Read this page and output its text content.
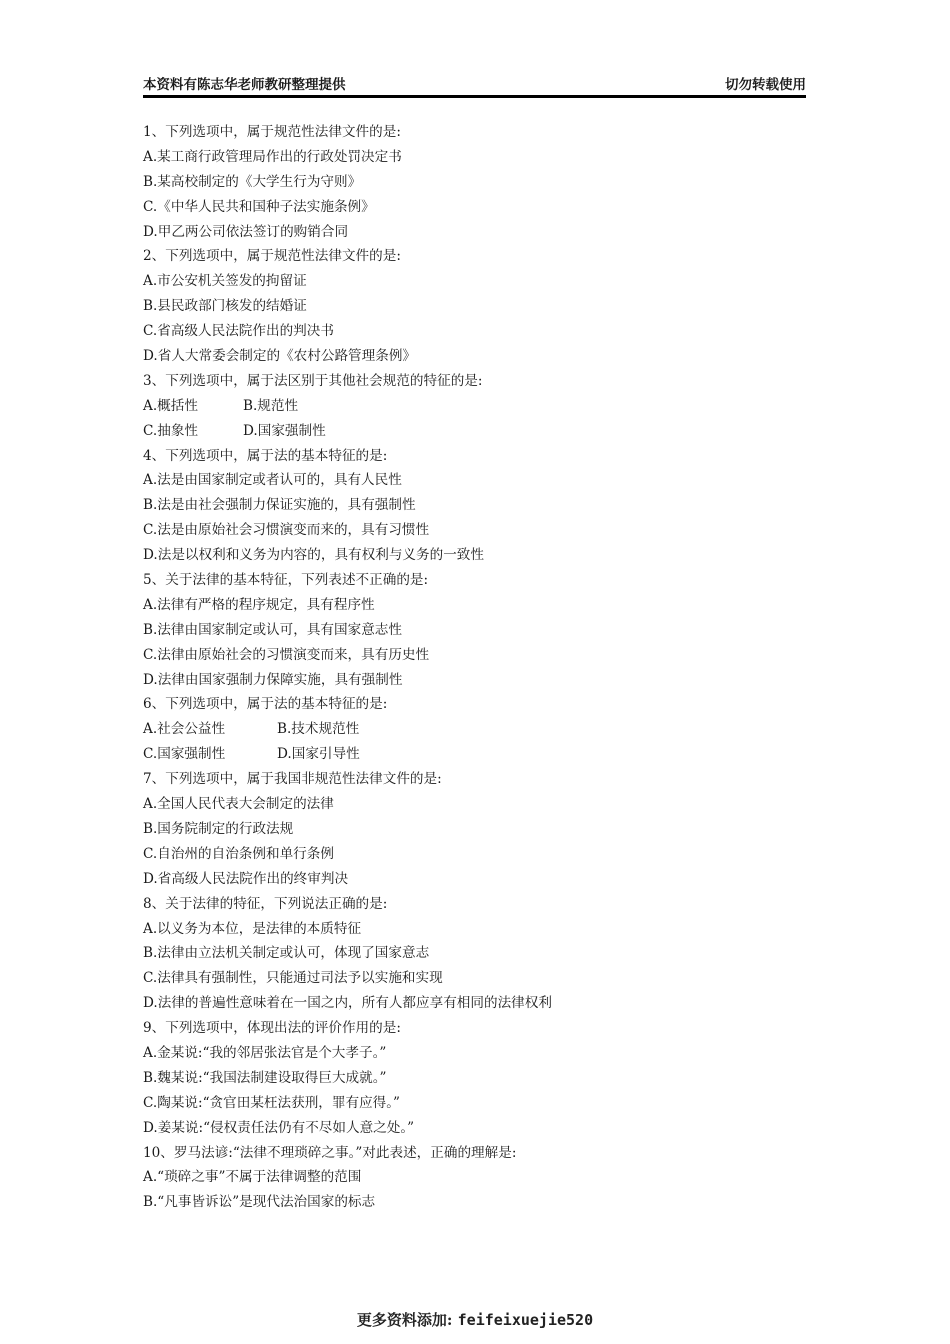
本资料有陈志华老师教研整理提供	切勿转载使用
1、下列选项中，属于规范性法律文件的是:
A.某工商行政管理局作出的行政处罚决定书
B.某高校制定的《大学生行为守则》
C.《中华人民共和国种子法实施条例》
D.甲乙两公司依法签订的购销合同
2、下列选项中，属于规范性法律文件的是:
A.市公安机关签发的拘留证
B.县民政部门核发的结婚证
C.省高级人民法院作出的判决书
D.省人大常委会制定的《农村公路管理条例》
3、下列选项中，属于法区别于其他社会规范的特征的是:
A.概括性	B.规范性
C.抽象性	D.国家强制性
4、下列选项中，属于法的基本特征的是:
A.法是由国家制定或者认可的，具有人民性
B.法是由社会强制力保证实施的，具有强制性
C.法是由原始社会习惯演变而来的，具有习惯性
D.法是以权利和义务为内容的，具有权利与义务的一致性
5、关于法律的基本特征，下列表述不正确的是:
A.法律有严格的程序规定，具有程序性
B.法律由国家制定或认可，具有国家意志性
C.法律由原始社会的习惯演变而来，具有历史性
D.法律由国家强制力保障实施，具有强制性
6、下列选项中，属于法的基本特征的是:
A.社会公益性	B.技术规范性
C.国家强制性	D.国家引导性
7、下列选项中，属于我国非规范性法律文件的是:
A.全国人民代表大会制定的法律
B.国务院制定的行政法规
C.自治州的自治条例和单行条例
D.省高级人民法院作出的终审判决
8、关于法律的特征，下列说法正确的是:
A.以义务为本位，是法律的本质特征
B.法律由立法机关制定或认可，体现了国家意志
C.法律具有强制性，只能通过司法予以实施和实现
D.法律的普遍性意味着在一国之内，所有人都应享有相同的法律权利
9、下列选项中，体现出法的评价作用的是:
A.金某说:“我的邻居张法官是个大孝子。”
B.魏某说:“我国法制建设取得巨大成就。”
C.陶某说:“贪官田某枉法获刑，罪有应得。”
D.姜某说:“侵权责任法仍有不尽如人意之处。”
10、罗马法谚:“法律不理琐碎之事。”对此表述，正确的理解是:
A.“琐碎之事”不属于法律调整的范围
B.“凡事皆诉讼”是现代法治国家的标志
更多资料添加: feifeixuejie520
